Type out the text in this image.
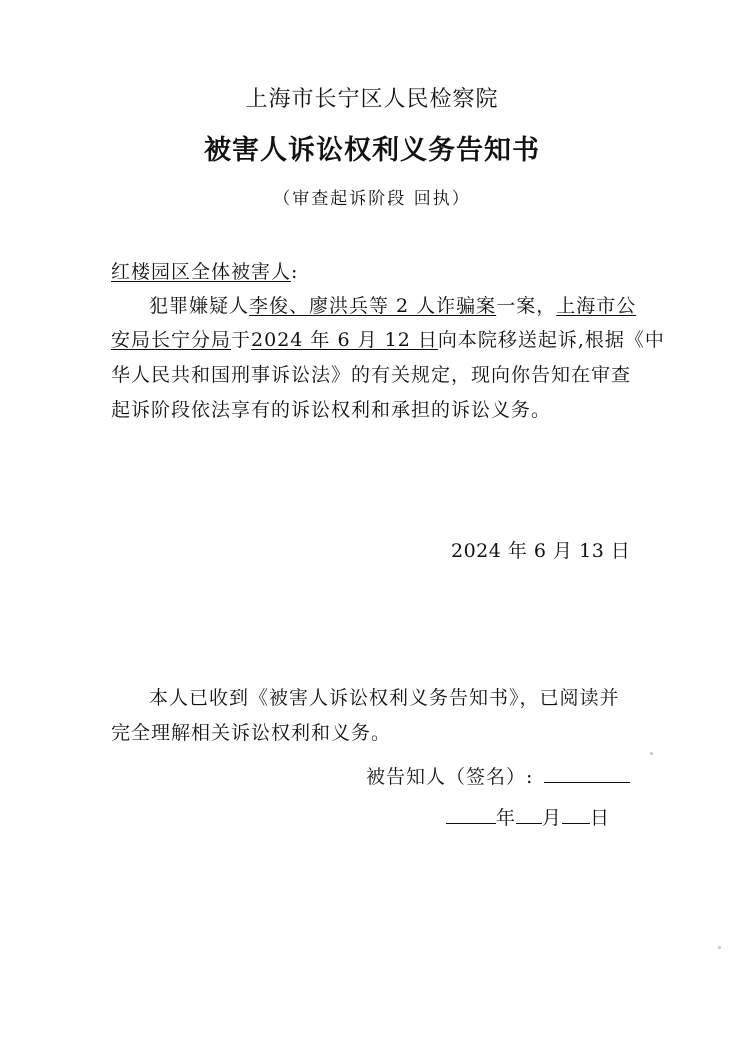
上海市长宁区人民检察院
被害人诉讼权利义务告知书
（审查起诉阶段 回执）
红楼园区全体被害人:
犯罪嫌疑人李俊、廖洪兵等 2 人诈骗案一案，上海市公
安局长宁分局于2024 年 6 月 12 日向本院移送起诉,根据《中
华人民共和国刑事诉讼法》的有关规定，现向你告知在审查
起诉阶段依法享有的诉讼权利和承担的诉讼义务。
2024 年 6 月 13 日
本人已收到《被害人诉讼权利义务告知书》，已阅读并
完全理解相关诉讼权利和义务。
被告知人（签名）:
年 月 日
